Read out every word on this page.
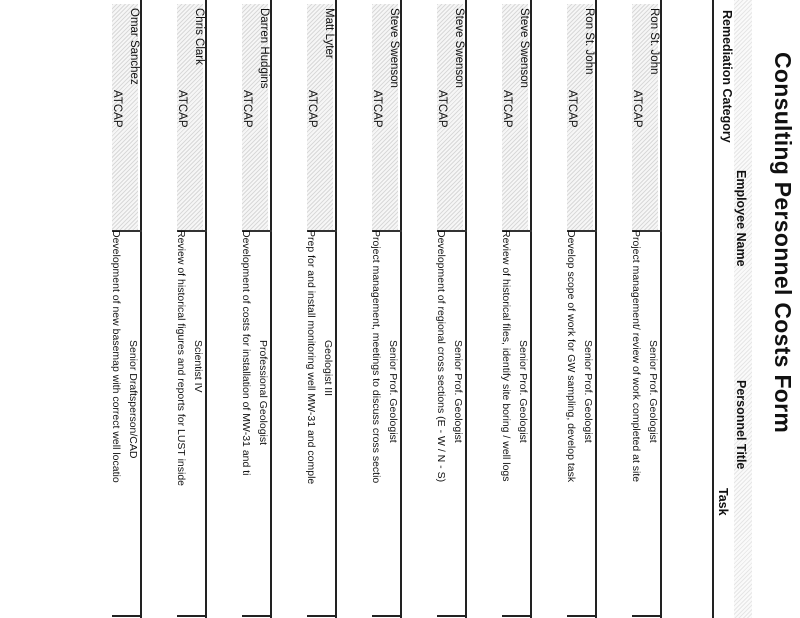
Consulting Personnel Costs Form
Employee Name
Remediation Category
Personnel Title
Task
Ron St. John
ATCAP
Senior Prof. Geologist
Project management/ review of work completed at site
Ron St. John
ATCAP
Senior Prof. Geologist
Develop scope of work for GW sampling, develop task
Steve Swenson
ATCAP
Senior Prof. Geologist
Review of historical files, identify site boring / well logs
Steve Swenson
ATCAP
Senior Prof. Geologist
Development of regional cross sections (E - W / N - S)
Steve Swenson
ATCAP
Senior Prof. Geologist
Project management, meetings to discuss cross sectio
Matt Lyter
ATCAP
Geologist III
Prep for and install monitoring well MW-31 and comple
Darren Hudgins
ATCAP
Professional Geologist
Development of costs for installation of MW-31 and ti
Chris Clark
ATCAP
Scientist IV
Review of historical figures and reports for LUST inside
Omar Sanchez
ATCAP
Senior Draftsperson/CAD
Development of new basemap with correct well locatio
